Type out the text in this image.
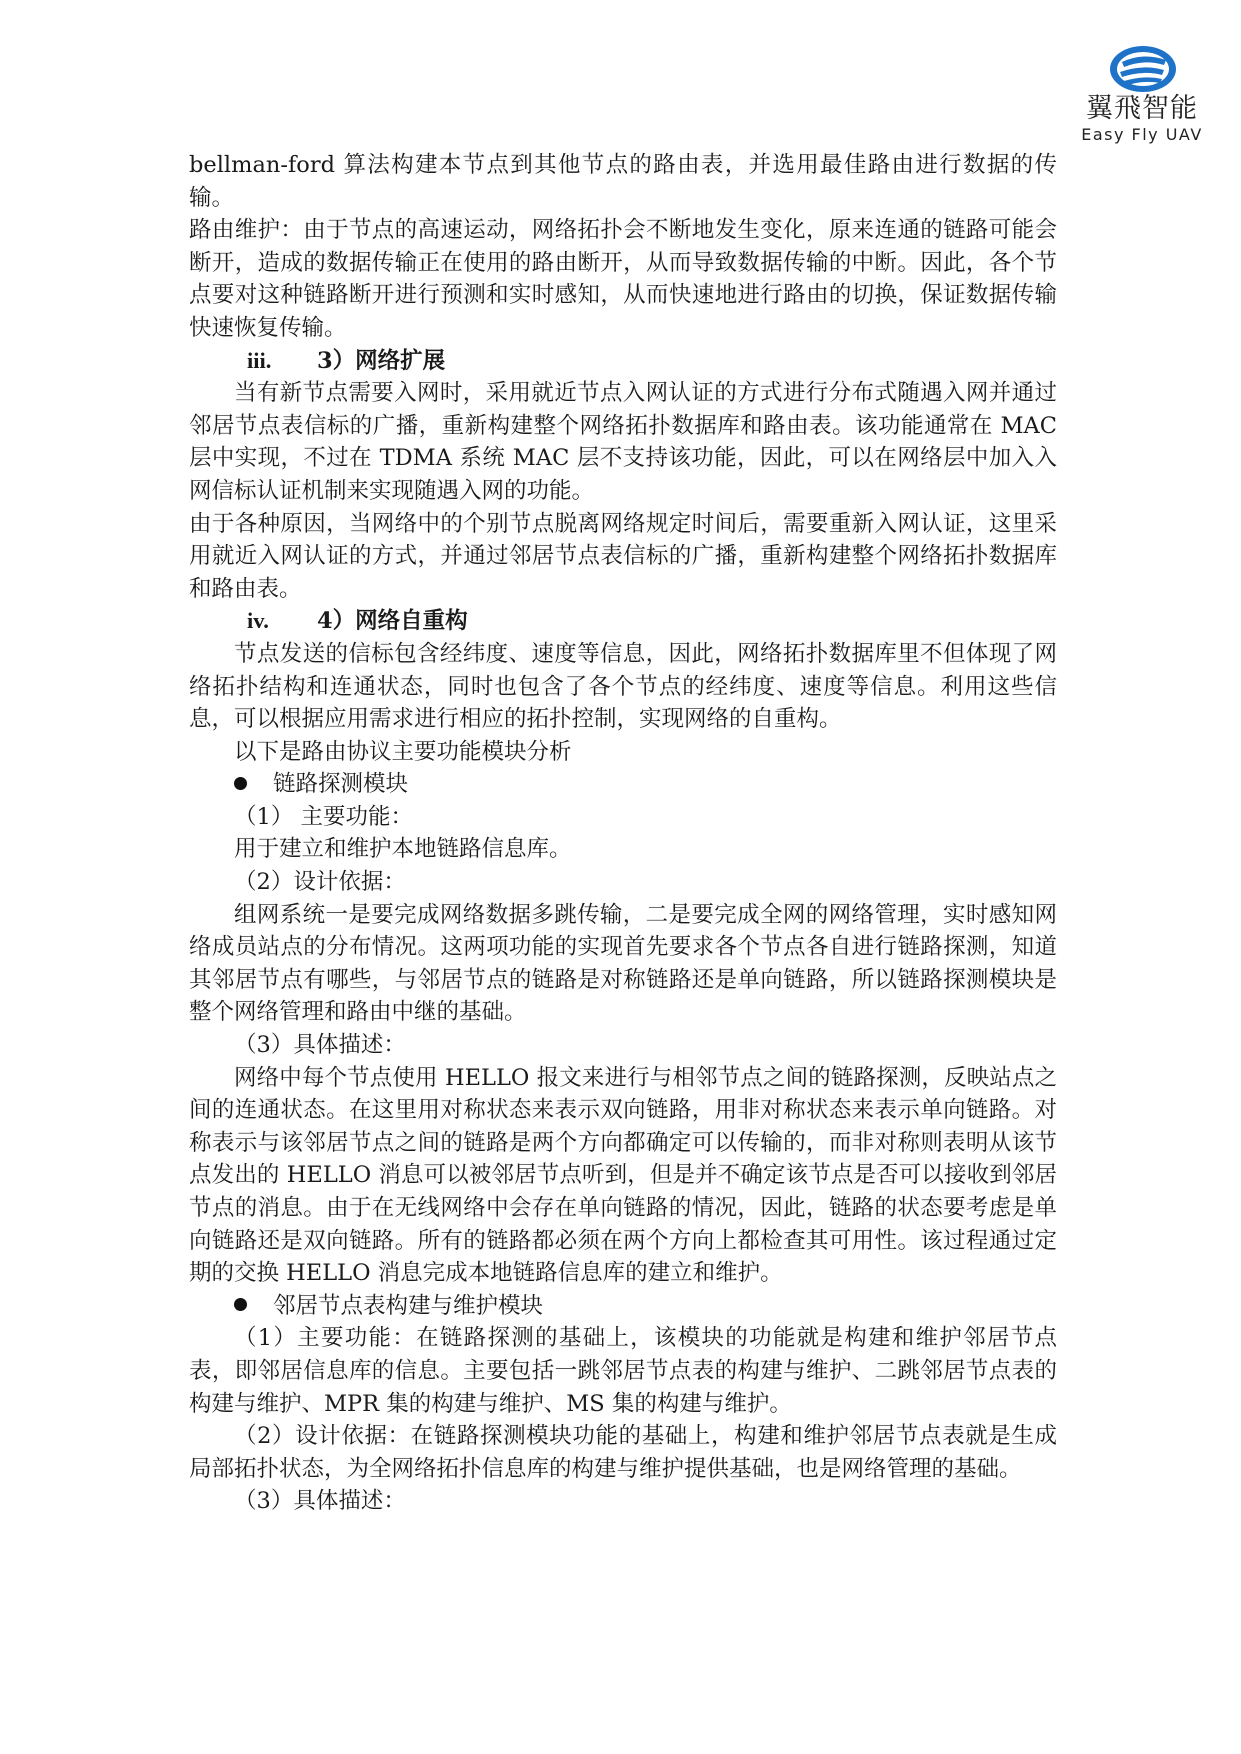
翼飛智能
Easy Fly UAV

bellman-ford 算法构建本节点到其他节点的路由表，并选用最佳路由进行数据的传输。

路由维护：由于节点的高速运动，网络拓扑会不断地发生变化，原来连通的链路可能会断开，造成的数据传输正在使用的路由断开，从而导致数据传输的中断。因此，各个节点要对这种链路断开进行预测和实时感知，从而快速地进行路由的切换，保证数据传输快速恢复传输。

iii. 3）网络扩展

当有新节点需要入网时，采用就近节点入网认证的方式进行分布式随遇入网并通过邻居节点表信标的广播，重新构建整个网络拓扑数据库和路由表。该功能通常在 MAC 层中实现，不过在 TDMA 系统 MAC 层不支持该功能，因此，可以在网络层中加入入网信标认证机制来实现随遇入网的功能。

由于各种原因，当网络中的个别节点脱离网络规定时间后，需要重新入网认证，这里采用就近入网认证的方式，并通过邻居节点表信标的广播，重新构建整个网络拓扑数据库和路由表。

iv. 4）网络自重构

节点发送的信标包含经纬度、速度等信息，因此，网络拓扑数据库里不但体现了网络拓扑结构和连通状态，同时也包含了各个节点的经纬度、速度等信息。利用这些信息，可以根据应用需求进行相应的拓扑控制，实现网络的自重构。

以下是路由协议主要功能模块分析

链路探测模块

（1） 主要功能：

用于建立和维护本地链路信息库。

（2）设计依据：

组网系统一是要完成网络数据多跳传输，二是要完成全网的网络管理，实时感知网络成员站点的分布情况。这两项功能的实现首先要求各个节点各自进行链路探测，知道其邻居节点有哪些，与邻居节点的链路是对称链路还是单向链路，所以链路探测模块是整个网络管理和路由中继的基础。

（3）具体描述：

网络中每个节点使用 HELLO 报文来进行与相邻节点之间的链路探测，反映站点之间的连通状态。在这里用对称状态来表示双向链路，用非对称状态来表示单向链路。对称表示与该邻居节点之间的链路是两个方向都确定可以传输的，而非对称则表明从该节点发出的 HELLO 消息可以被邻居节点听到，但是并不确定该节点是否可以接收到邻居节点的消息。由于在无线网络中会存在单向链路的情况，因此，链路的状态要考虑是单向链路还是双向链路。所有的链路都必须在两个方向上都检查其可用性。该过程通过定期的交换 HELLO 消息完成本地链路信息库的建立和维护。

邻居节点表构建与维护模块

（1）主要功能：在链路探测的基础上，该模块的功能就是构建和维护邻居节点表，即邻居信息库的信息。主要包括一跳邻居节点表的构建与维护、二跳邻居节点表的构建与维护、MPR 集的构建与维护、MS 集的构建与维护。

（2）设计依据：在链路探测模块功能的基础上，构建和维护邻居节点表就是生成局部拓扑状态，为全网络拓扑信息库的构建与维护提供基础，也是网络管理的基础。

（3）具体描述：
